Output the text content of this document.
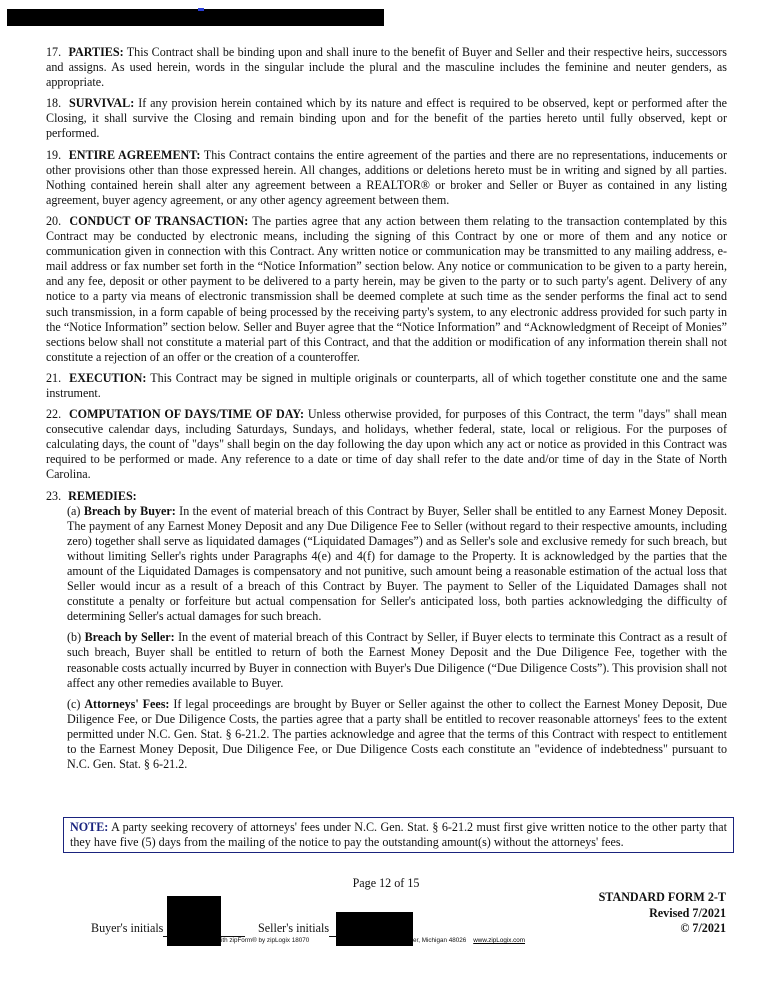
17. PARTIES: This Contract shall be binding upon and shall inure to the benefit of Buyer and Seller and their respective heirs, successors and assigns. As used herein, words in the singular include the plural and the masculine includes the feminine and neuter genders, as appropriate.

18. SURVIVAL: If any provision herein contained which by its nature and effect is required to be observed, kept or performed after the Closing, it shall survive the Closing and remain binding upon and for the benefit of the parties hereto until fully observed, kept or performed.

19. ENTIRE AGREEMENT: This Contract contains the entire agreement of the parties and there are no representations, inducements or other provisions other than those expressed herein. All changes, additions or deletions hereto must be in writing and signed by all parties. Nothing contained herein shall alter any agreement between a REALTOR® or broker and Seller or Buyer as contained in any listing agreement, buyer agency agreement, or any other agency agreement between them.

20. CONDUCT OF TRANSACTION: The parties agree that any action between them relating to the transaction contemplated by this Contract may be conducted by electronic means, including the signing of this Contract by one or more of them and any notice or communication given in connection with this Contract. Any written notice or communication may be transmitted to any mailing address, e-mail address or fax number set forth in the “Notice Information” section below. Any notice or communication to be given to a party herein, and any fee, deposit or other payment to be delivered to a party herein, may be given to the party or to such party's agent. Delivery of any notice to a party via means of electronic transmission shall be deemed complete at such time as the sender performs the final act to send such transmission, in a form capable of being processed by the receiving party's system, to any electronic address provided for such party in the “Notice Information” section below. Seller and Buyer agree that the “Notice Information” and “Acknowledgment of Receipt of Monies” sections below shall not constitute a material part of this Contract, and that the addition or modification of any information therein shall not constitute a rejection of an offer or the creation of a counteroffer.

21. EXECUTION: This Contract may be signed in multiple originals or counterparts, all of which together constitute one and the same instrument.

22. COMPUTATION OF DAYS/TIME OF DAY: Unless otherwise provided, for purposes of this Contract, the term "days" shall mean consecutive calendar days, including Saturdays, Sundays, and holidays, whether federal, state, local or religious. For the purposes of calculating days, the count of "days" shall begin on the day following the day upon which any act or notice as provided in this Contract was required to be performed or made. Any reference to a date or time of day shall refer to the date and/or time of day in the State of North Carolina.

23. REMEDIES:

(a) Breach by Buyer: In the event of material breach of this Contract by Buyer, Seller shall be entitled to any Earnest Money Deposit. The payment of any Earnest Money Deposit and any Due Diligence Fee to Seller (without regard to their respective amounts, including zero) together shall serve as liquidated damages (“Liquidated Damages”) and as Seller's sole and exclusive remedy for such breach, but without limiting Seller's rights under Paragraphs 4(e) and 4(f) for damage to the Property. It is acknowledged by the parties that the amount of the Liquidated Damages is compensatory and not punitive, such amount being a reasonable estimation of the actual loss that Seller would incur as a result of a breach of this Contract by Buyer. The payment to Seller of the Liquidated Damages shall not constitute a penalty or forfeiture but actual compensation for Seller's anticipated loss, both parties acknowledging the difficulty of determining Seller's actual damages for such breach.

(b) Breach by Seller: In the event of material breach of this Contract by Seller, if Buyer elects to terminate this Contract as a result of such breach, Buyer shall be entitled to return of both the Earnest Money Deposit and the Due Diligence Fee, together with the reasonable costs actually incurred by Buyer in connection with Buyer's Due Diligence (“Due Diligence Costs”). This provision shall not affect any other remedies available to Buyer.

(c) Attorneys' Fees: If legal proceedings are brought by Buyer or Seller against the other to collect the Earnest Money Deposit, Due Diligence Fee, or Due Diligence Costs, the parties agree that a party shall be entitled to recover reasonable attorneys' fees to the extent permitted under N.C. Gen. Stat. § 6-21.2. The parties acknowledge and agree that the terms of this Contract with respect to entitlement to the Earnest Money Deposit, Due Diligence Fee, or Due Diligence Costs each constitute an "evidence of indebtedness" pursuant to N.C. Gen. Stat. § 6-21.2.

NOTE: A party seeking recovery of attorneys' fees under N.C. Gen. Stat. § 6-21.2 must first give written notice to the other party that they have five (5) days from the mailing of the notice to pay the outstanding amount(s) without the attorneys' fees.
Page 12 of 15
STANDARD FORM 2-T
Revised 7/2021
© 7/2021
Buyer's initials	Seller's initials
ith zipForm® by zipLogix 18070	er, Michigan 48026 www.zipLogix.com
